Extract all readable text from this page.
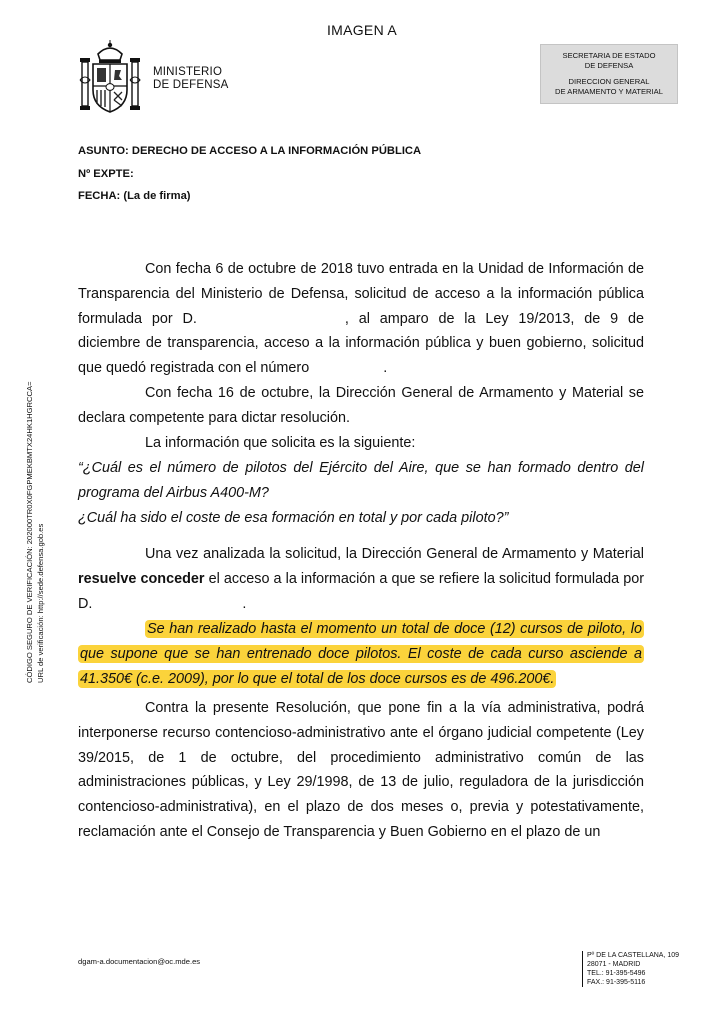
IMAGEN A
MINISTERIO
DE DEFENSA
SECRETARIA DE ESTADO
DE DEFENSA
DIRECCION GENERAL
DE ARMAMENTO Y MATERIAL
ASUNTO: DERECHO DE ACCESO A LA INFORMACIÓN PÚBLICA
Nº EXPTE:
FECHA: (La de firma)
CÓDIGO SEGURO DE VERIFICACIÓN: 202000TR0X0FGPMEKBMTX24HK1HGRCCA= URL de verificación: http://sede.defensa.gob.es

Con fecha 6 de octubre de 2018 tuvo entrada en la Unidad de Información de Transparencia del Ministerio de Defensa, solicitud de acceso a la información pública formulada por D.	, al amparo de la Ley 19/2013, de 9 de diciembre de transparencia, acceso a la información pública y buen gobierno, solicitud que quedó registrada con el número	.

Con fecha 16 de octubre, la Dirección General de Armamento y Material se declara competente para dictar resolución.

La información que solicita es la siguiente:

“¿Cuál es el número de pilotos del Ejército del Aire, que se han formado dentro del programa del Airbus A400-M?

¿Cuál ha sido el coste de esa formación en total y por cada piloto?”

Una vez analizada la solicitud, la Dirección General de Armamento y Material resuelve conceder el acceso a la información a que se refiere la solicitud formulada por D.	.

Se han realizado hasta el momento un total de doce (12) cursos de piloto, lo que supone que se han entrenado doce pilotos. El coste de cada curso asciende a 41.350€ (c.e. 2009), por lo que el total de los doce cursos es de 496.200€.

Contra la presente Resolución, que pone fin a la vía administrativa, podrá interponerse recurso contencioso-administrativo ante el órgano judicial competente (Ley 39/2015, de 1 de octubre, del procedimiento administrativo común de las administraciones públicas, y Ley 29/1998, de 13 de julio, reguladora de la jurisdicción contencioso-administrativa), en el plazo de dos meses o, previa y potestativamente, reclamación ante el Consejo de Transparencia y Buen Gobierno en el plazo de un

dgam-a.documentacion@oc.mde.es
Pº DE LA CASTELLANA, 109
28071 - MADRID
TEL.: 91-395-5496
FAX.: 91-395-5116
